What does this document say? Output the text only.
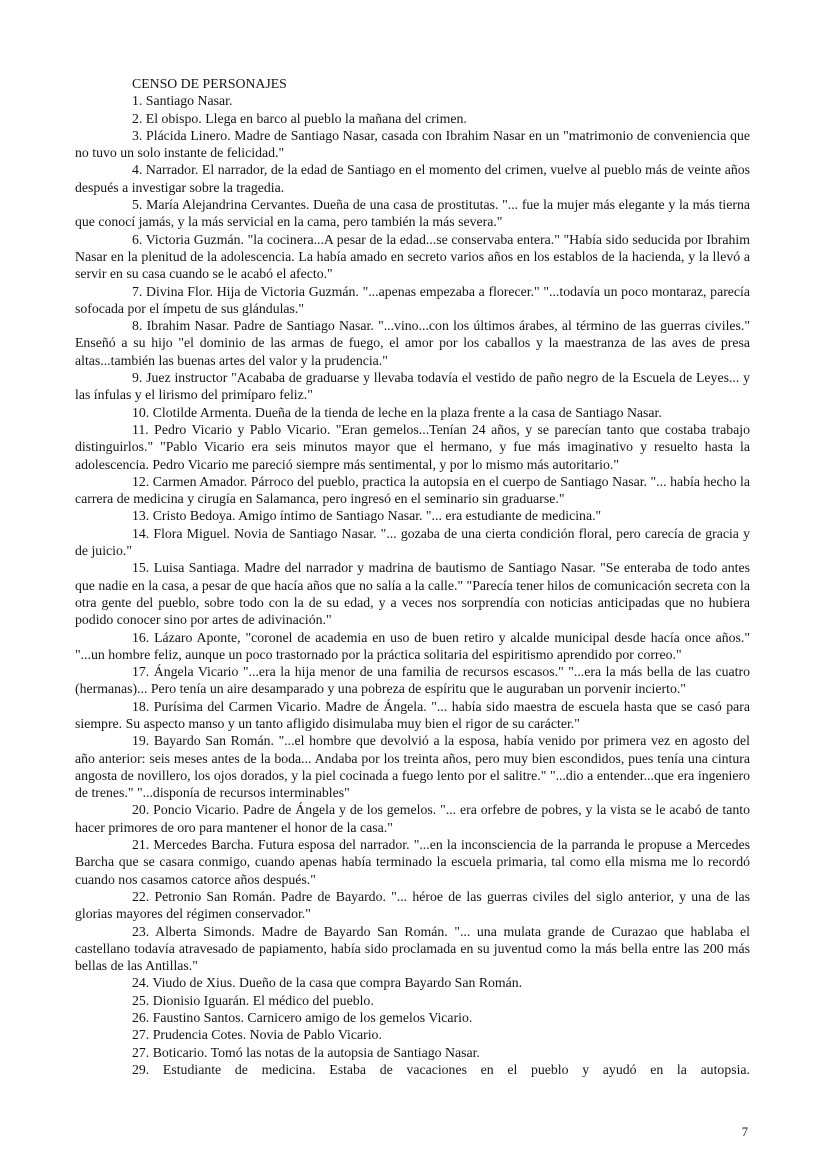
CENSO DE PERSONAJES

1. Santiago Nasar.

2. El obispo. Llega en barco al pueblo la mañana del crimen.

3. Plácida Linero. Madre de Santiago Nasar, casada con Ibrahim Nasar en un "matrimonio de conveniencia que no tuvo un solo instante de felicidad."

4. Narrador. El narrador, de la edad de Santiago en el momento del crimen, vuelve al pueblo más de veinte años después a investigar sobre la tragedia.

5. María Alejandrina Cervantes. Dueña de una casa de prostitutas. "... fue la mujer más elegante y la más tierna que conocí jamás, y la más servicial en la cama, pero también la más severa."

6. Victoria Guzmán. "la cocinera...A pesar de la edad...se conservaba entera." "Había sido seducida por Ibrahim Nasar en la plenitud de la adolescencia. La había amado en secreto varios años en los establos de la hacienda, y la llevó a servir en su casa cuando se le acabó el afecto."

7. Divina Flor. Hija de Victoria Guzmán. "...apenas empezaba a florecer." "...todavía un poco montaraz, parecía sofocada por el ímpetu de sus glándulas."

8. Ibrahim Nasar. Padre de Santiago Nasar. "...vino...con los últimos árabes, al término de las guerras civiles." Enseñó a su hijo "el dominio de las armas de fuego, el amor por los caballos y la maestranza de las aves de presa altas...también las buenas artes del valor y la prudencia."

9. Juez instructor "Acababa de graduarse y llevaba todavía el vestido de paño negro de la Escuela de Leyes... y las ínfulas y el lirismo del primíparo feliz."

10. Clotilde Armenta. Dueña de la tienda de leche en la plaza frente a la casa de Santiago Nasar.

11. Pedro Vicario y Pablo Vicario. "Eran gemelos...Tenían 24 años, y se parecían tanto que costaba trabajo distinguirlos." "Pablo Vicario era seis minutos mayor que el hermano, y fue más imaginativo y resuelto hasta la adolescencia. Pedro Vicario me pareció siempre más sentimental, y por lo mismo más autoritario."

12. Carmen Amador. Párroco del pueblo, practica la autopsia en el cuerpo de Santiago Nasar. "... había hecho la carrera de medicina y cirugía en Salamanca, pero ingresó en el seminario sin graduarse."

13. Cristo Bedoya. Amigo íntimo de Santiago Nasar. "... era estudiante de medicina."

14. Flora Miguel. Novia de Santiago Nasar. "... gozaba de una cierta condición floral, pero carecía de gracia y de juicio."

15. Luisa Santiaga. Madre del narrador y madrina de bautismo de Santiago Nasar. "Se enteraba de todo antes que nadie en la casa, a pesar de que hacía años que no salía a la calle." "Parecía tener hilos de comunicación secreta con la otra gente del pueblo, sobre todo con la de su edad, y a veces nos sorprendía con noticias anticipadas que no hubiera podido conocer sino por artes de adivinación."

16. Lázaro Aponte, "coronel de academia en uso de buen retiro y alcalde municipal desde hacía once años." "...un hombre feliz, aunque un poco trastornado por la práctica solitaria del espiritismo aprendido por correo."

17. Ángela Vicario "...era la hija menor de una familia de recursos escasos." "...era la más bella de las cuatro (hermanas)... Pero tenía un aire desamparado y una pobreza de espíritu que le auguraban un porvenir incierto."

18. Purísima del Carmen Vicario. Madre de Ángela. "... había sido maestra de escuela hasta que se casó para siempre. Su aspecto manso y un tanto afligido disimulaba muy bien el rigor de su carácter."

19. Bayardo San Román. "...el hombre que devolvió a la esposa, había venido por primera vez en agosto del año anterior: seis meses antes de la boda... Andaba por los treinta años, pero muy bien escondidos, pues tenía una cintura angosta de novillero, los ojos dorados, y la piel cocinada a fuego lento por el salitre." "...dio a entender...que era ingeniero de trenes." "...disponía de recursos interminables"

20. Poncio Vicario. Padre de Ángela y de los gemelos. "... era orfebre de pobres, y la vista se le acabó de tanto hacer primores de oro para mantener el honor de la casa."

21. Mercedes Barcha. Futura esposa del narrador. "...en la inconsciencia de la parranda le propuse a Mercedes Barcha que se casara conmigo, cuando apenas había terminado la escuela primaria, tal como ella misma me lo recordó cuando nos casamos catorce años después."

22. Petronio San Román. Padre de Bayardo. "... héroe de las guerras civiles del siglo anterior, y una de las glorias mayores del régimen conservador."

23. Alberta Simonds. Madre de Bayardo San Román. "... una mulata grande de Curazao que hablaba el castellano todavía atravesado de papiamento, había sido proclamada en su juventud como la más bella entre las 200 más bellas de las Antillas."

24. Viudo de Xius. Dueño de la casa que compra Bayardo San Román.

25. Dionisio Iguarán. El médico del pueblo.

26. Faustino Santos. Carnicero amigo de los gemelos Vicario.

27. Prudencia Cotes. Novia de Pablo Vicario.

27. Boticario. Tomó las notas de la autopsia de Santiago Nasar.

29. Estudiante de medicina. Estaba de vacaciones en el pueblo y ayudó en la autopsia.

7
